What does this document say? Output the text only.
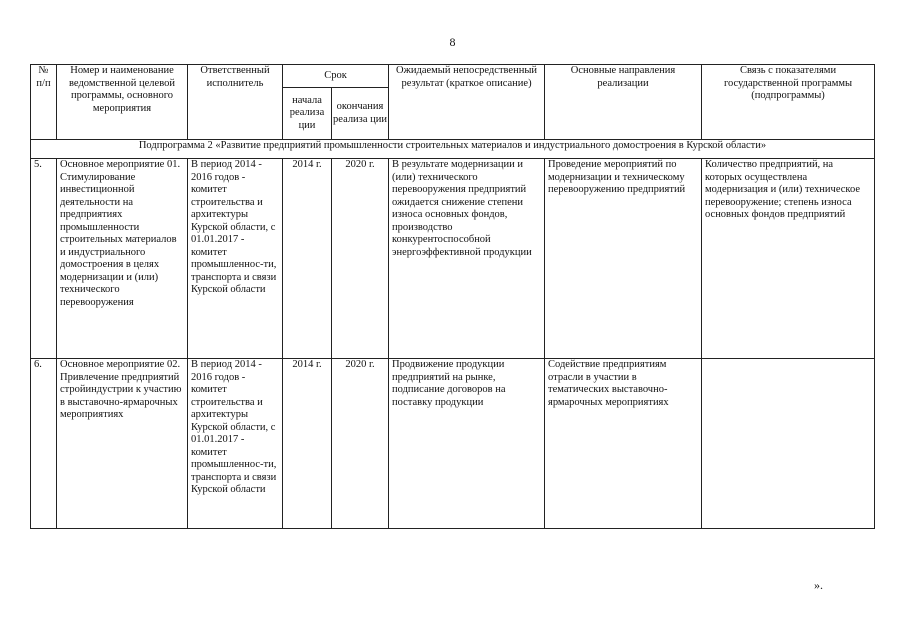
8
№ п/п	Номер и наименование ведомственной целевой программы, основного мероприятия	Ответственный исполнитель	Срок		Ожидаемый непосредственный результат (краткое описание)	Основные направления реализации	Связь с показателями государственной программы (подпрограммы)
			начала реализа ции	окончания реализа ции			
Подпрограмма 2 «Развитие предприятий промышленности строительных материалов и индустриального домостроения в Курской области»							
5.	Основное мероприятие 01. Стимулирование инвестиционной деятельности на предприятиях промышленности строительных материалов и индустриального домостроения в целях модернизации и (или) технического перевооружения	В период 2014 - 2016 годов - комитет строительства и архитектуры Курской области, с 01.01.2017 - комитет промышленнос-ти, транспорта и связи Курской области	2014 г.	2020 г.	В результате модернизации и (или) технического перевооружения предприятий ожидается снижение степени износа основных фондов, производство конкурентоспособной энергоэффективной продукции	Проведение мероприятий по модернизации и техническому перевооружению предприятий	Количество предприятий, на которых осуществлена модернизация и (или) техническое перевооружение; степень износа основных фондов предприятий
6.	Основное мероприятие 02. Привлечение предприятий стройиндустрии к участию в выставочно-ярмарочных мероприятиях	В период 2014 - 2016 годов - комитет строительства и архитектуры Курской области, с 01.01.2017 - комитет промышленнос-ти, транспорта и связи Курской области	2014 г.	2020 г.	Продвижение продукции предприятий на рынке, подписание договоров на поставку продукции	Содействие предприятиям отрасли в участии в тематических выставочно-ярмарочных мероприятиях	
».
